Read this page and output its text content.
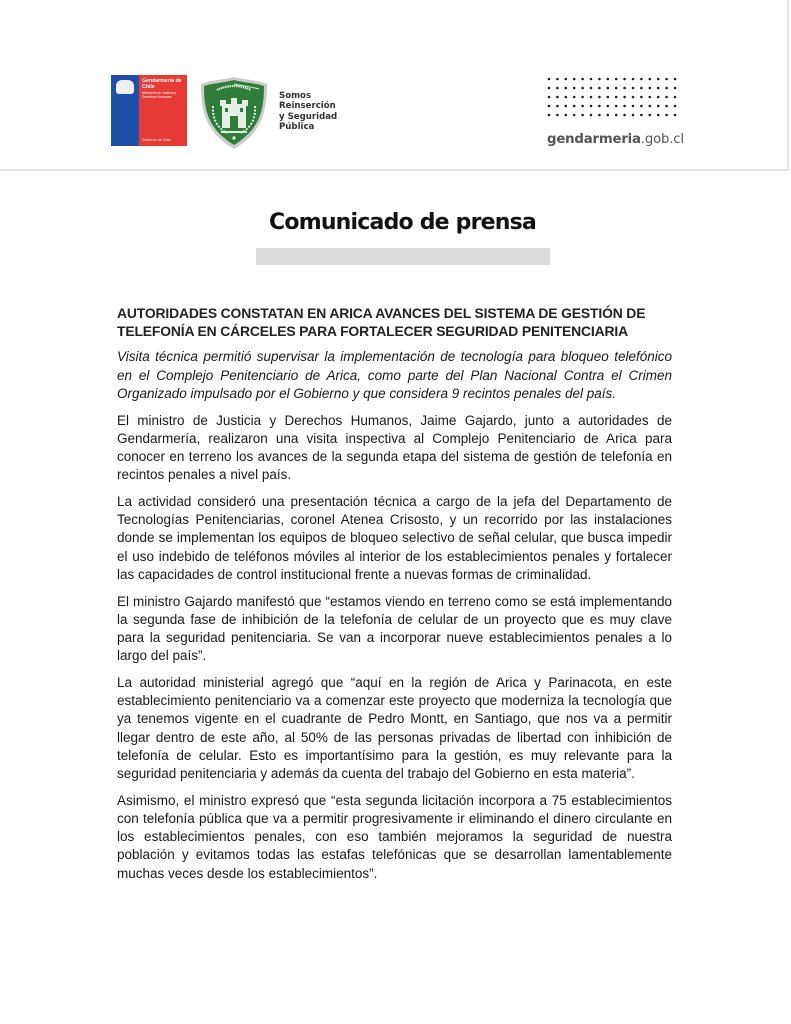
Gendarmería de Chile
Ministerio de Justicia y Derechos Humanos
Gobierno de Chile
Somos
Reinserción
y Seguridad
Pública
gendarmeria.gob.cl
Comunicado de prensa
AUTORIDADES CONSTATAN EN ARICA AVANCES DEL SISTEMA DE GESTIÓN DE TELEFONÍA EN CÁRCELES PARA FORTALECER SEGURIDAD PENITENCIARIA

Visita técnica permitió supervisar la implementación de tecnología para bloqueo telefónico en el Complejo Penitenciario de Arica, como parte del Plan Nacional Contra el Crimen Organizado impulsado por el Gobierno y que considera 9 recintos penales del país.

El ministro de Justicia y Derechos Humanos, Jaime Gajardo, junto a autoridades de Gendarmería, realizaron una visita inspectiva al Complejo Penitenciario de Arica para conocer en terreno los avances de la segunda etapa del sistema de gestión de telefonía en recintos penales a nivel país.

La actividad consideró una presentación técnica a cargo de la jefa del Departamento de Tecnologías Penitenciarias, coronel Atenea Crisosto, y un recorrido por las instalaciones donde se implementan los equipos de bloqueo selectivo de señal celular, que busca impedir el uso indebido de teléfonos móviles al interior de los establecimientos penales y fortalecer las capacidades de control institucional frente a nuevas formas de criminalidad.

El ministro Gajardo manifestó que “estamos viendo en terreno como se está implementando la segunda fase de inhibición de la telefonía de celular de un proyecto que es muy clave para la seguridad penitenciaria. Se van a incorporar nueve establecimientos penales a lo largo del país”.

La autoridad ministerial agregó que “aquí en la región de Arica y Parinacota, en este establecimiento penitenciario va a comenzar este proyecto que moderniza la tecnología que ya tenemos vigente en el cuadrante de Pedro Montt, en Santiago, que nos va a permitir llegar dentro de este año, al 50% de las personas privadas de libertad con inhibición de telefonía de celular. Esto es importantísimo para la gestión, es muy relevante para la seguridad penitenciaria y además da cuenta del trabajo del Gobierno en esta materia”.

Asimismo, el ministro expresó que “esta segunda licitación incorpora a 75 establecimientos con telefonía pública que va a permitir progresivamente ir eliminando el dinero circulante en los establecimientos penales, con eso también mejoramos la seguridad de nuestra población y evitamos todas las estafas telefónicas que se desarrollan lamentablemente muchas veces desde los establecimientos”.
